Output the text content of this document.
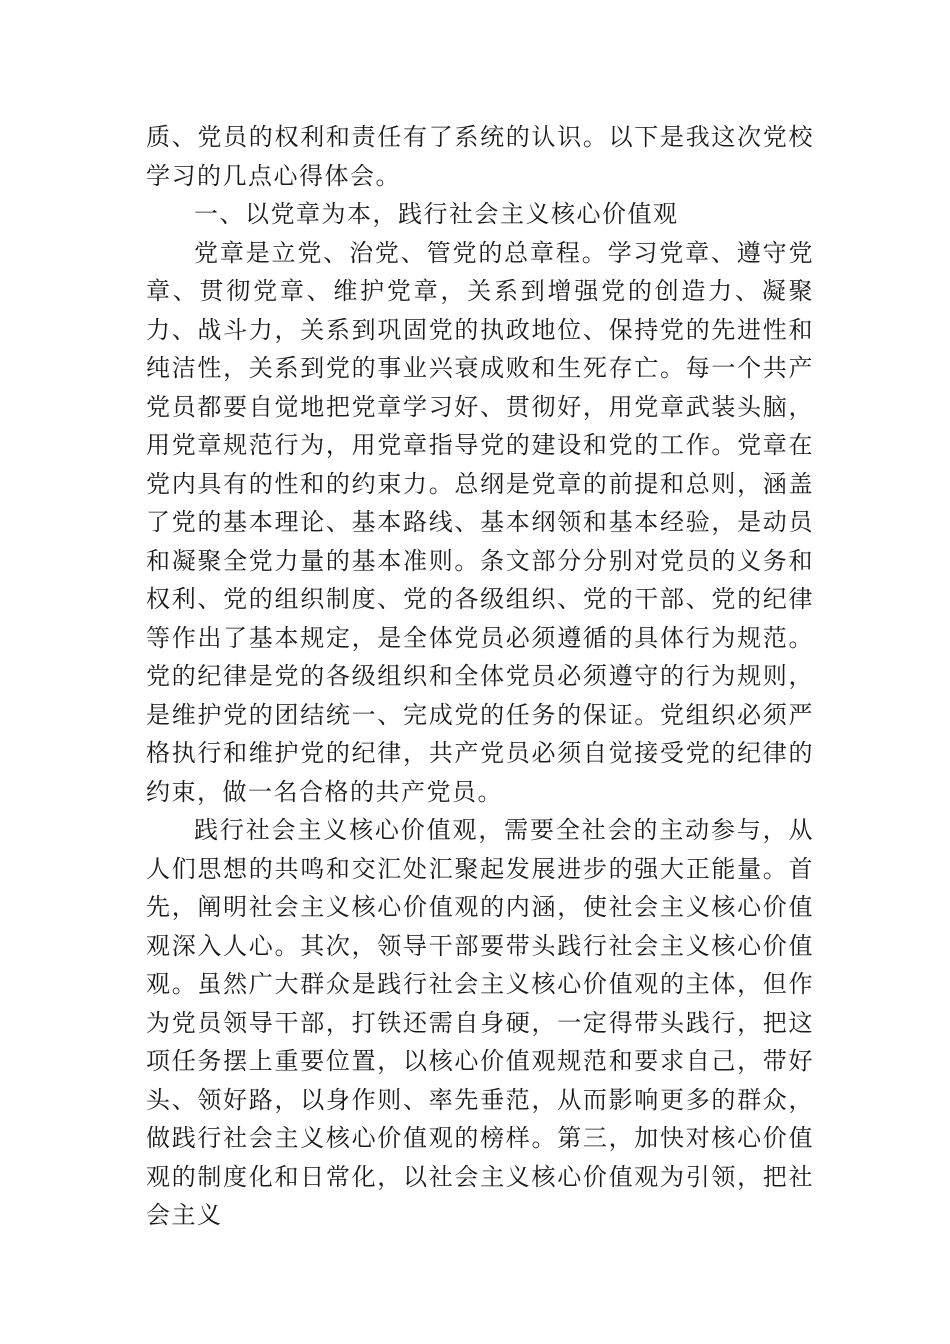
质、党员的权利和责任有了系统的认识。以下是我这次党校学习的几点心得体会。

一、以党章为本，践行社会主义核心价值观

党章是立党、治党、管党的总章程。学习党章、遵守党章、贯彻党章、维护党章，关系到增强党的创造力、凝聚力、战斗力，关系到巩固党的执政地位、保持党的先进性和纯洁性，关系到党的事业兴衰成败和生死存亡。每一个共产党员都要自觉地把党章学习好、贯彻好，用党章武装头脑，用党章规范行为，用党章指导党的建设和党的工作。党章在党内具有的性和的约束力。总纲是党章的前提和总则，涵盖了党的基本理论、基本路线、基本纲领和基本经验，是动员和凝聚全党力量的基本准则。条文部分分别对党员的义务和权利、党的组织制度、党的各级组织、党的干部、党的纪律等作出了基本规定，是全体党员必须遵循的具体行为规范。党的纪律是党的各级组织和全体党员必须遵守的行为规则，是维护党的团结统一、完成党的任务的保证。党组织必须严格执行和维护党的纪律，共产党员必须自觉接受党的纪律的约束，做一名合格的共产党员。

践行社会主义核心价值观，需要全社会的主动参与，从人们思想的共鸣和交汇处汇聚起发展进步的强大正能量。首先，阐明社会主义核心价值观的内涵，使社会主义核心价值观深入人心。其次，领导干部要带头践行社会主义核心价值观。虽然广大群众是践行社会主义核心价值观的主体，但作为党员领导干部，打铁还需自身硬，一定得带头践行，把这项任务摆上重要位置，以核心价值观规范和要求自己，带好头、领好路，以身作则、率先垂范，从而影响更多的群众，做践行社会主义核心价值观的榜样。第三，加快对核心价值观的制度化和日常化，以社会主义核心价值观为引领，把社会主义
